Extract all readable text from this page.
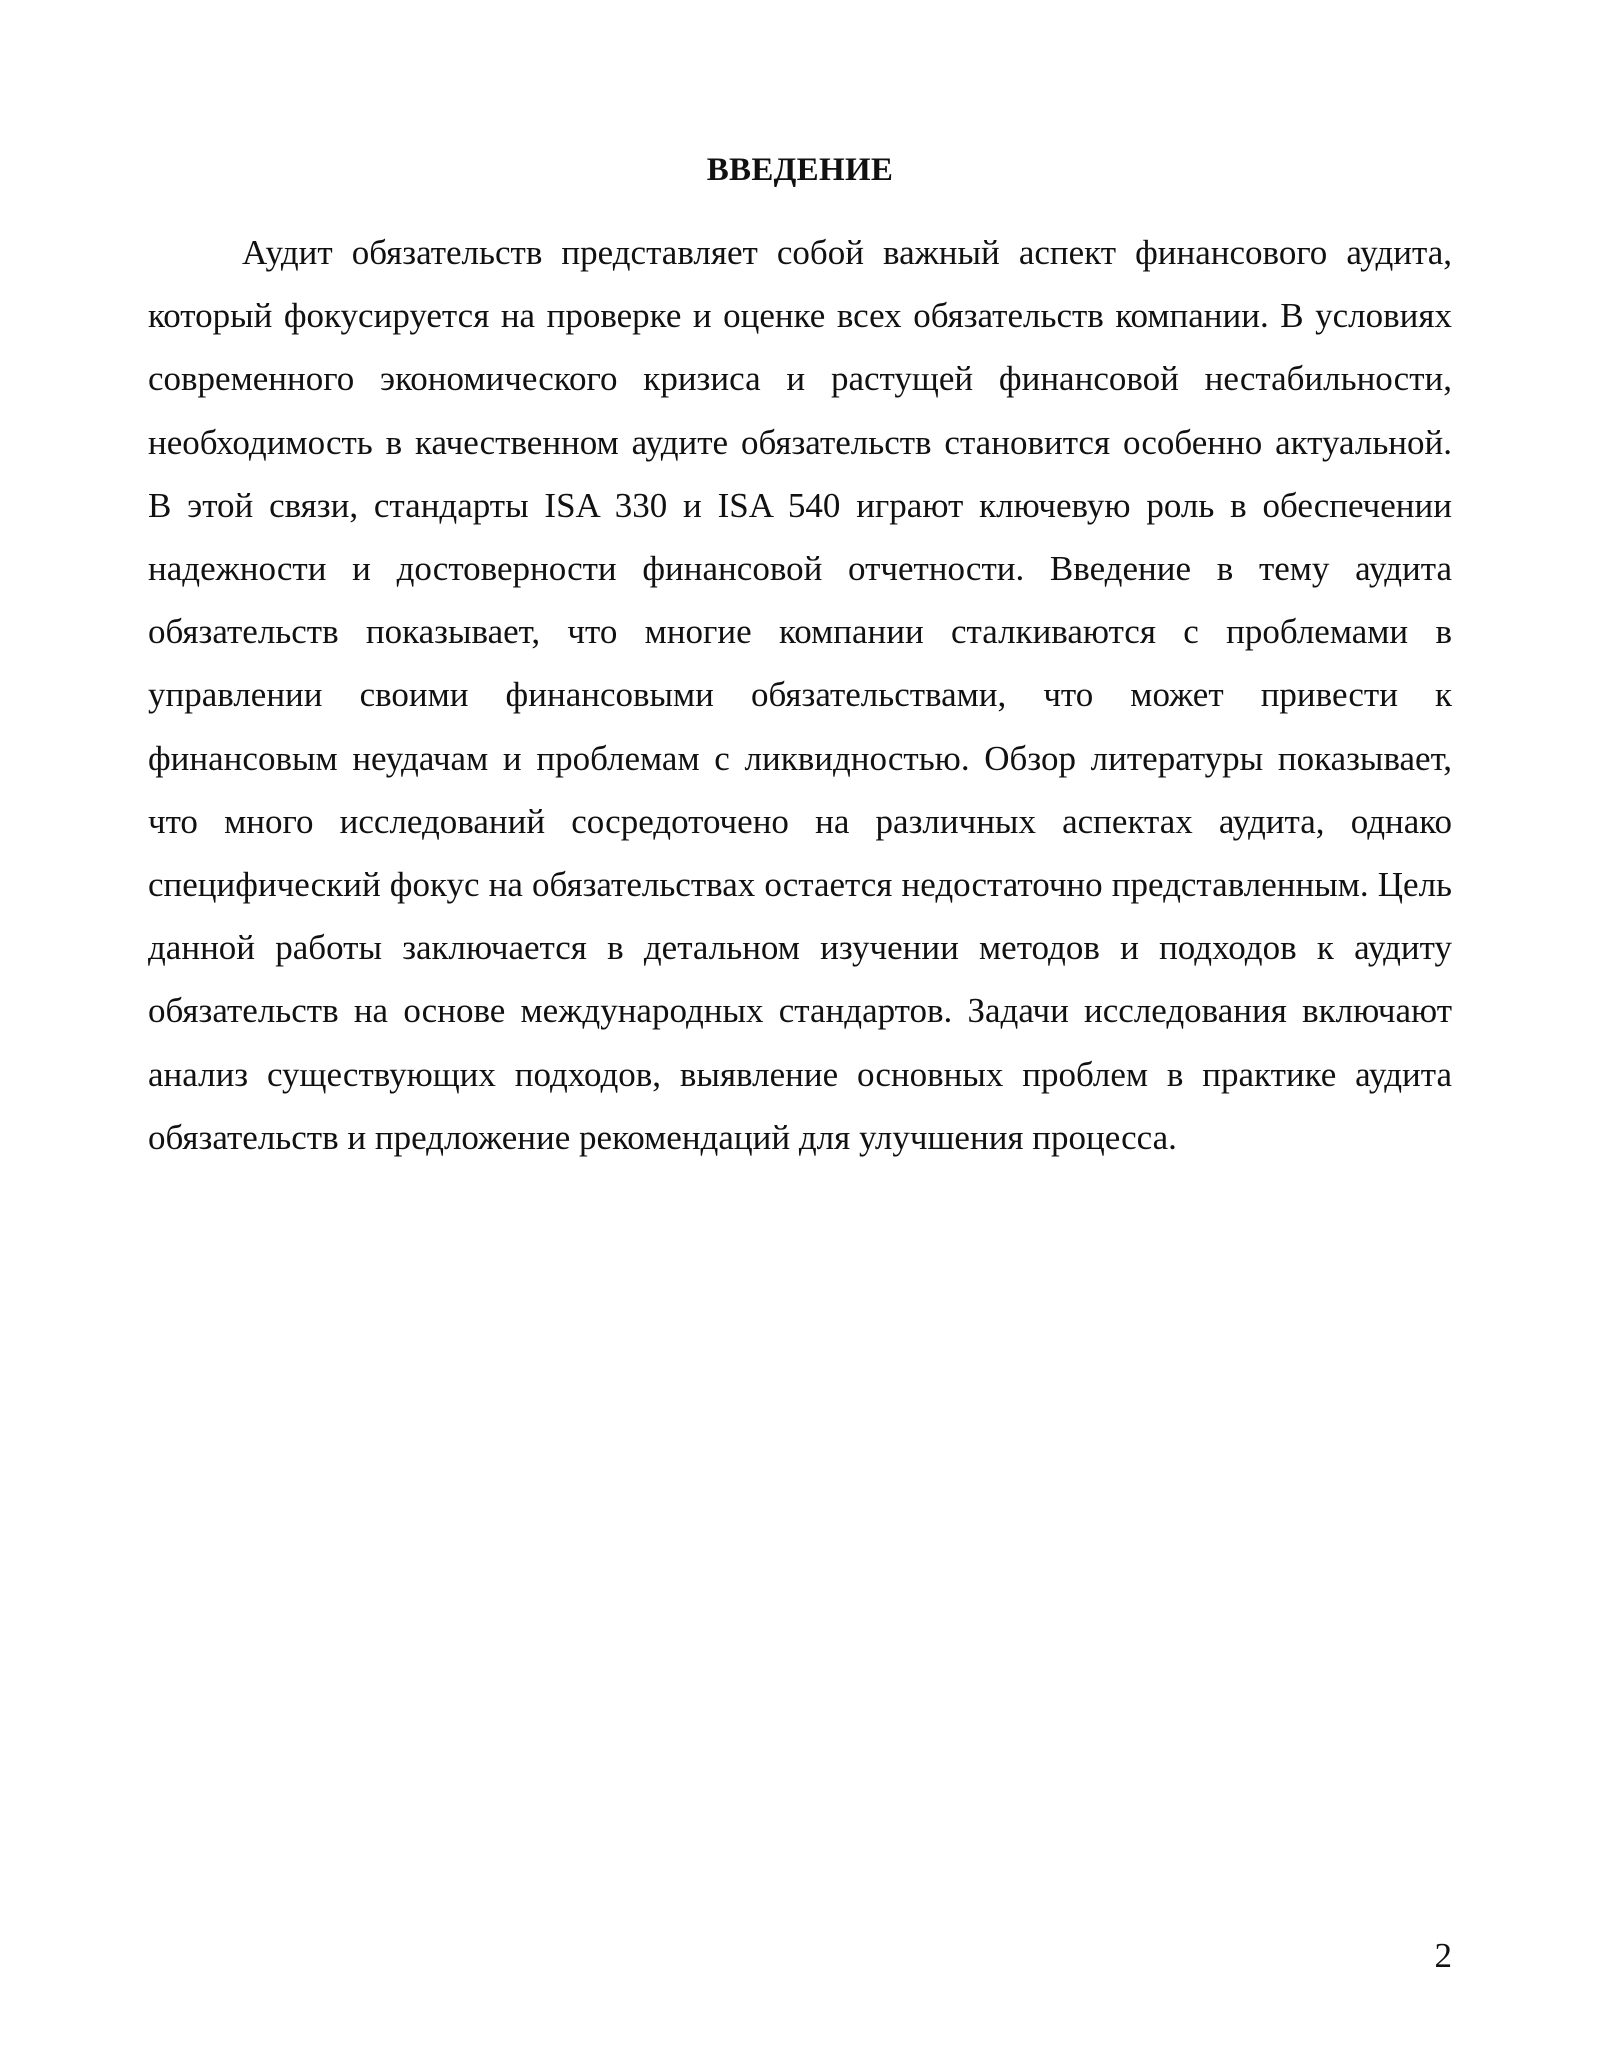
ВВЕДЕНИЕ

Аудит обязательств представляет собой важный аспект финансового аудита, который фокусируется на проверке и оценке всех обязательств компании. В условиях современного экономического кризиса и растущей финансовой нестабильности, необходимость в качественном аудите обязательств становится особенно актуальной. В этой связи, стандарты ISA 330 и ISA 540 играют ключевую роль в обеспечении надежности и достоверности финансовой отчетности. Введение в тему аудита обязательств показывает, что многие компании сталкиваются с проблемами в управлении своими финансовыми обязательствами, что может привести к финансовым неудачам и проблемам с ликвидностью. Обзор литературы показывает, что много исследований сосредоточено на различных аспектах аудита, однако специфический фокус на обязательствах остается недостаточно представленным. Цель данной работы заключается в детальном изучении методов и подходов к аудиту обязательств на основе международных стандартов. Задачи исследования включают анализ существующих подходов, выявление основных проблем в практике аудита обязательств и предложение рекомендаций для улучшения процесса.

2
